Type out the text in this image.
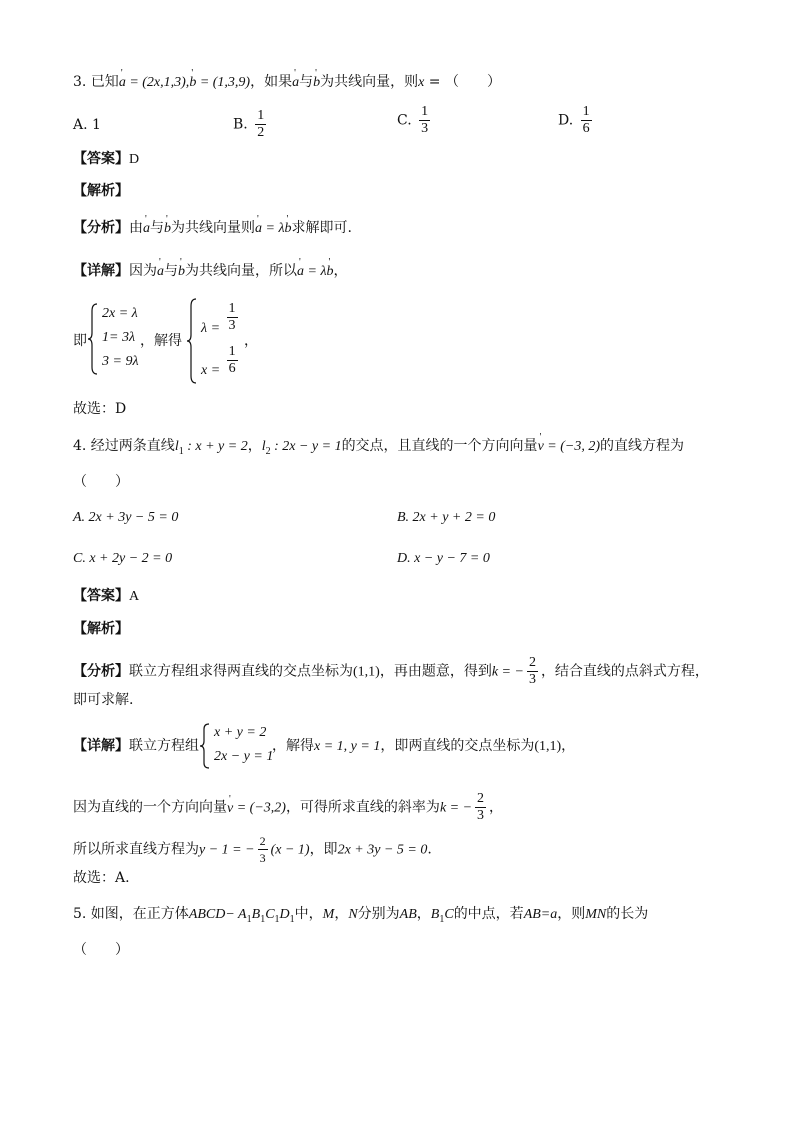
3. 已知' a = (2x,1,3),' b = (1,3,9)，如果' a与' b为共线向量，则x = （　　）
A. 1	B. $\frac{1}{2}$	C. $\frac{1}{3}$	D. $\frac{1}{6}$
【答案】D
【解析】
【分析】由' a与' b为共线向量则' a = λ' b求解即可.
【详解】因为' a与' b为共线向量，所以' a = λ' b，
即
2x = λ
1= 3λ
3 = 9λ
，解得
$\lambda = \frac{1}{3}$
$x = \frac{1}{6}$
，
故选：D
4. 经过两条直线$l_1$ : x + y = 2，$l_2$ : 2x − y = 1的交点，且直线的一个方向向量' v = (−3, 2)的直线方程为
（　　）
A. 2x + 3y − 5 = 0	B. 2x + y + 2 = 0
C. x + 2y − 2 = 0	D. x − y − 7 = 0
【答案】A
【解析】
【分析】联立方程组求得两直线的交点坐标为(1,1)，再由题意，得到k = − $\frac{2}{3}$ ，结合直线的点斜式方程，
即可求解.
【详解】联立方程组
x + y = 2
2x − y = 1
，解得x = 1, y = 1，即两直线的交点坐标为(1,1)，
因为直线的一个方向向量' v = (−3,2)，可得所求直线的斜率为k = − $\frac{2}{3}$ ，
所以所求直线方程为y − 1 = − $\frac{2}{3} (x - 1)$，即2x + 3y − 5 = 0.
故选：A.
5. 如图，在正方体ABCD− $A_1B_1C_1D_1$中，M，N分别为AB，$B_1C$的中点，若AB=a，则MN的长为
（　　）
